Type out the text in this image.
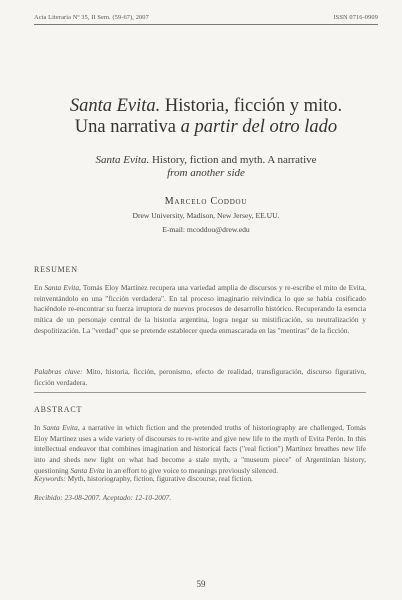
Acta Literaria Nº 35, II Sem. (59-67), 2007	ISSN 0716-0909
Santa Evita. Historia, ficción y mito.
Una narrativa a partir del otro lado
Santa Evita. History, fiction and myth. A narrative
from another side
Marcelo Coddou
Drew University, Madison, New Jersey, EE.UU.
E-mail: mcoddou@drew.edu
RESUMEN

En Santa Evita, Tomás Eloy Martínez recupera una variedad amplia de discursos y re-escribe el mito de Evita, reinventándolo en una "ficción verdadera". En tal proceso imaginario reivindica lo que se había cosificado haciéndole re-encontrar su fuerza irruptora de nuevos procesos de desarrollo histórico. Recuperando la esencia mítica de un personaje central de la historia argentina, logra negar su mistificación, su neutralización y despolitización. La "verdad" que se pretende establecer queda enmascarada en las "mentiras" de la ficción.

Palabras clave: Mito, historia, ficción, peronismo, efecto de realidad, transfiguración, discurso figurativo, ficción verdadera.

ABSTRACT

In Santa Evita, a narrative in which fiction and the pretended truths of historiography are challenged, Tomás Eloy Martínez uses a wide variety of discourses to re-write and give new life to the myth of Evita Perón. In this intellectual endeavor that combines imagination and historical facts ("real fiction") Martínez breathes new life into and sheds new light on what had become a stale myth, a "museum piece" of Argentinian history, questioning Santa Evita in an effort to give voice to meanings previously silenced.

Keywords: Myth, historiography, fiction, figurative discourse, real fiction.

Recibido: 23-08-2007. Aceptado: 12-10-2007.
59
